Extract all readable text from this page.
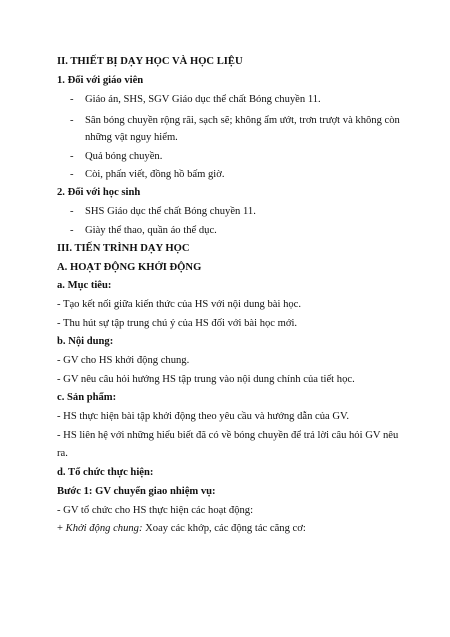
II. THIẾT BỊ DẠY HỌC VÀ HỌC LIỆU
1. Đối với giáo viên
- Giáo án, SHS, SGV Giáo dục thể chất Bóng chuyền 11.
- Sân bóng chuyền rộng rãi, sạch sẽ; không ẩm ướt, trơn trượt và không còn
những vật nguy hiểm.
- Quả bóng chuyền.
- Còi, phấn viết, đồng hồ bấm giờ.
2. Đối với học sinh
- SHS Giáo dục thể chất Bóng chuyền 11.
- Giày thể thao, quần áo thể dục.
III. TIẾN TRÌNH DẠY HỌC
A. HOẠT ĐỘNG KHỞI ĐỘNG
a. Mục tiêu:
- Tạo kết nối giữa kiến thức của HS với nội dung bài học.
- Thu hút sự tập trung chú ý của HS đối với bài học mới.
b. Nội dung:
- GV cho HS khởi động chung.
- GV nêu câu hỏi hướng HS tập trung vào nội dung chính của tiết học.
c. Sản phẩm:
- HS thực hiện bài tập khởi động theo yêu cầu và hướng dẫn của GV.
- HS liên hệ với những hiểu biết đã có về bóng chuyền để trả lời câu hỏi GV nêu
ra.
d. Tổ chức thực hiện:
Bước 1: GV chuyển giao nhiệm vụ:
- GV tổ chức cho HS thực hiện các hoạt động:
+ Khởi động chung: Xoay các khớp, các động tác căng cơ:
